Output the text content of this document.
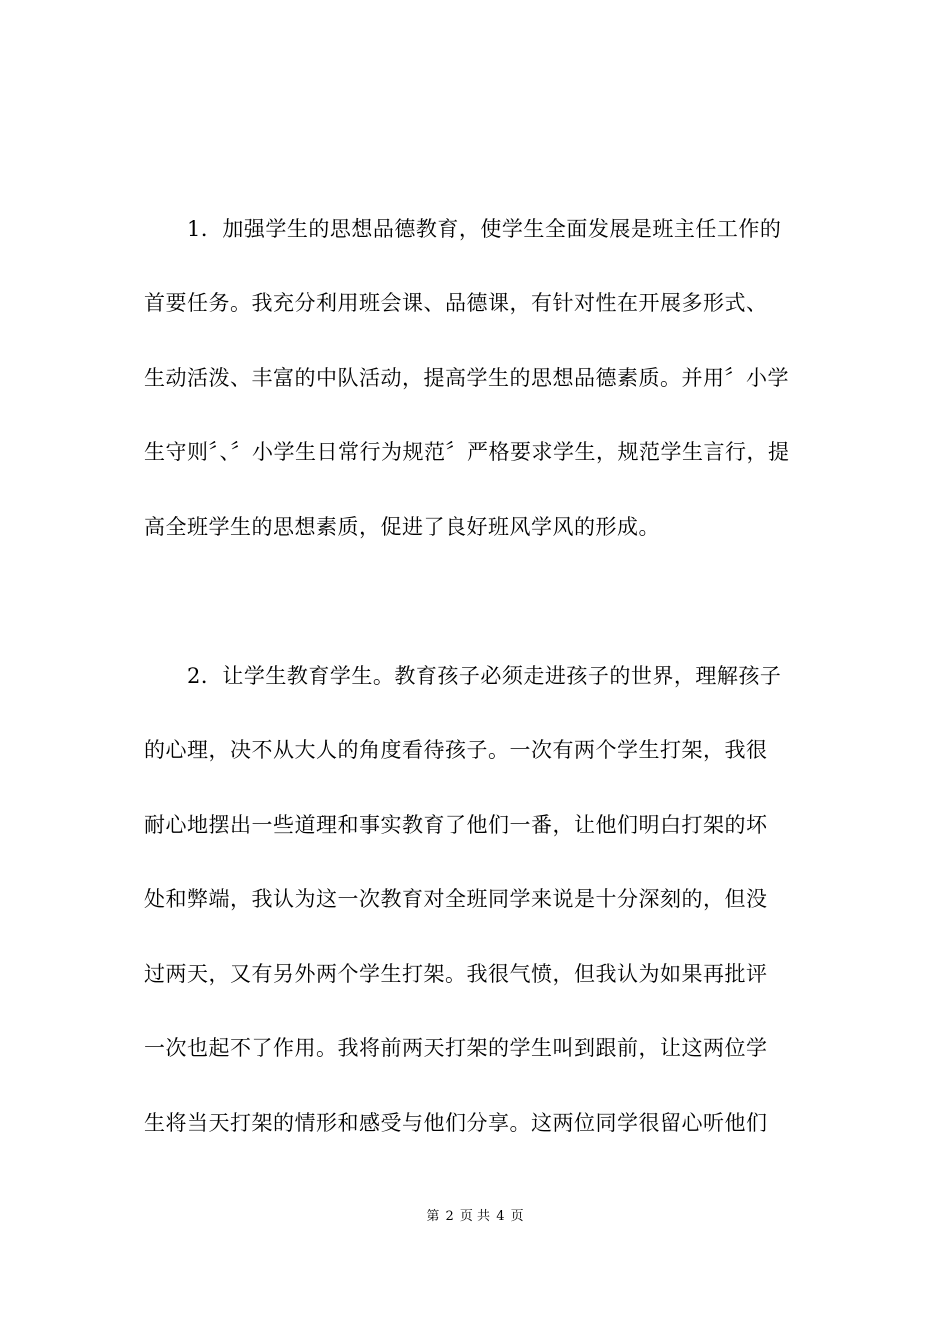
　　1．加强学生的思想品德教育，使学生全面发展是班主任工作的
首要任务。我充分利用班会课、品德课，有针对性在开展多形式、
生动活泼、丰富的中队活动，提高学生的思想品德素质。并用〞小学
生守则〞、〞小学生日常行为规范〞严格要求学生，规范学生言行，提
高全班学生的思想素质，促进了良好班风学风的形成。
　　2．让学生教育学生。教育孩子必须走进孩子的世界，理解孩子
的心理，决不从大人的角度看待孩子。一次有两个学生打架，我很
耐心地摆出一些道理和事实教育了他们一番，让他们明白打架的坏
处和弊端，我认为这一次教育对全班同学来说是十分深刻的，但没
过两天，又有另外两个学生打架。我很气愤，但我认为如果再批评
一次也起不了作用。我将前两天打架的学生叫到跟前，让这两位学
生将当天打架的情形和感受与他们分享。这两位同学很留心听他们
第 2 页 共 4 页
